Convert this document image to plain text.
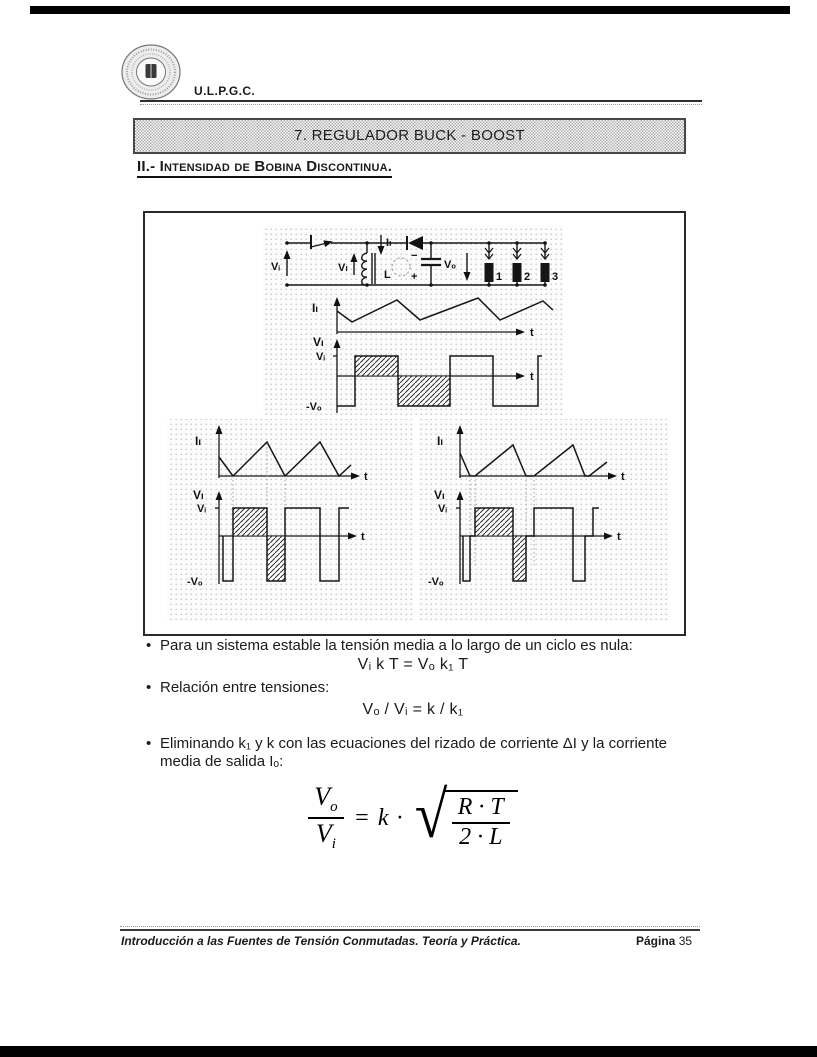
U.L.P.G.C.
7. REGULADOR BUCK - BOOST
II.- Intensidad de Bobina Discontinua.
Vᵢ	Vₗ
Iₗ
L
Vₒ
−
+	1 2 3
Iₗ
t
Vₗ
Vᵢ
-Vₒ
t
Iₗ
t
Vₗ
Vᵢ
-Vₒ
t
Iₗ
t
Vₗ
Vᵢ
-Vₒ
t
• Para un sistema estable la tensión media a lo largo de un ciclo es nula:
Vᵢ k T = Vₒ k₁ T
• Relación entre tensiones:
Vₒ / Vᵢ = k / k₁
• Eliminando k₁ y k con las ecuaciones del rizado de corriente ΔI y la corriente
media de salida Iₒ:
$\frac{V_o}{V_i} = k$ · √
$\frac{R \cdot T}{2 \cdot L}$
Introducción a las Fuentes de Tensión Conmutadas. Teoría y Práctica.	Página 35
